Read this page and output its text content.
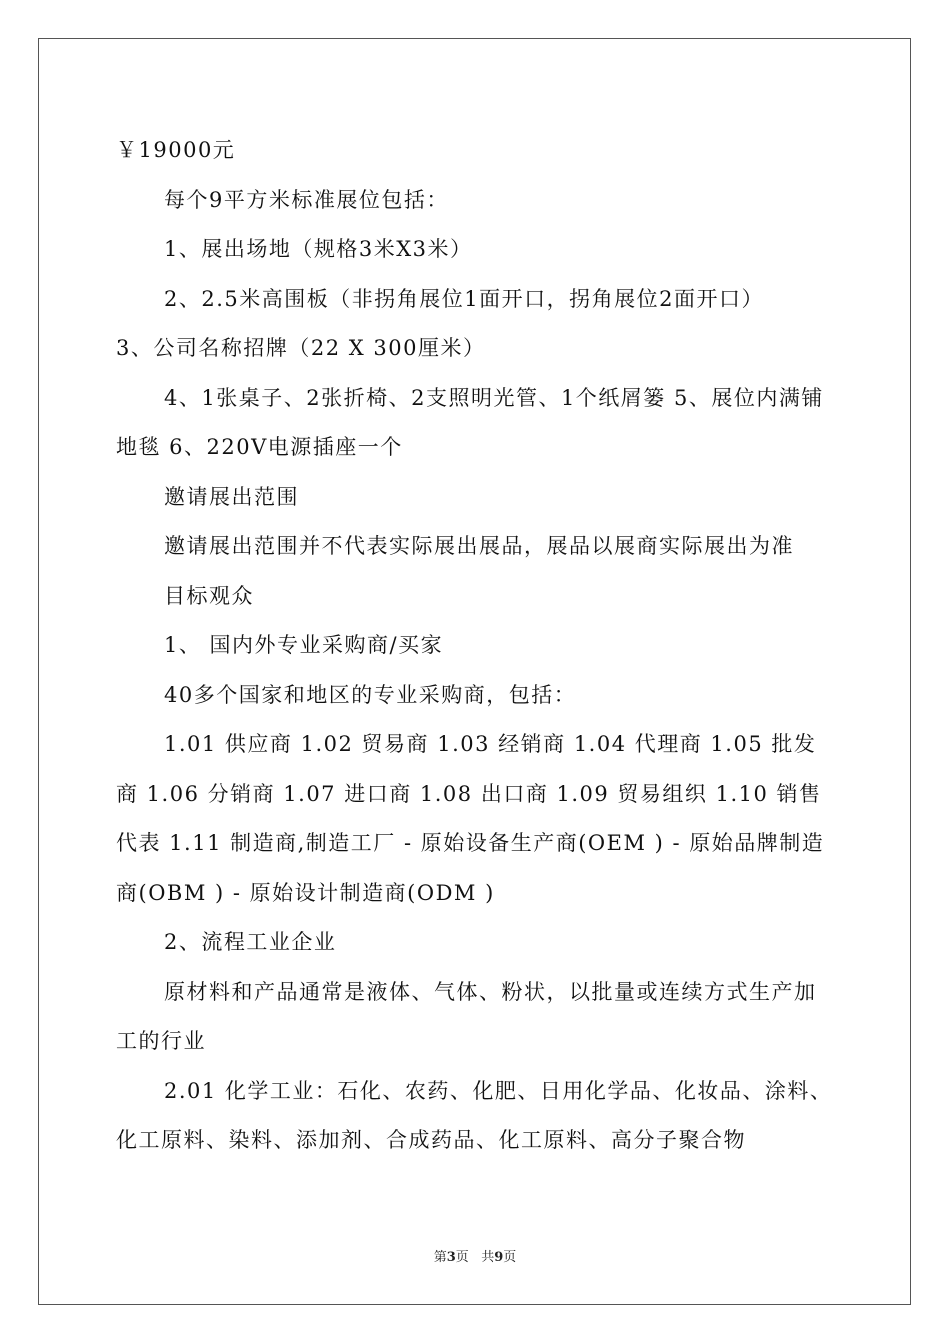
￥19000元

每个9平方米标准展位包括：

1、展出场地（规格3米X3米）

2、2.5米高围板（非拐角展位1面开口，拐角展位2面开口）

3、公司名称招牌（22 X 300厘米）

4、1张桌子、2张折椅、2支照明光管、1个纸屑篓 5、展位内满铺地毯 6、220V电源插座一个

邀请展出范围

邀请展出范围并不代表实际展出展品，展品以展商实际展出为准

目标观众

1、 国内外专业采购商/买家

40多个国家和地区的专业采购商，包括：

1.01 供应商 1.02 贸易商 1.03 经销商 1.04 代理商 1.05 批发商 1.06 分销商 1.07 进口商 1.08 出口商 1.09 贸易组织 1.10 销售代表 1.11 制造商,制造工厂 - 原始设备生产商(OEM ) - 原始品牌制造商(OBM ) - 原始设计制造商(ODM )

2、流程工业企业

原材料和产品通常是液体、气体、粉状，以批量或连续方式生产加工的行业

2.01 化学工业：石化、农药、化肥、日用化学品、化妆品、涂料、化工原料、染料、添加剂、合成药品、化工原料、高分子聚合物

第3页 共9页
